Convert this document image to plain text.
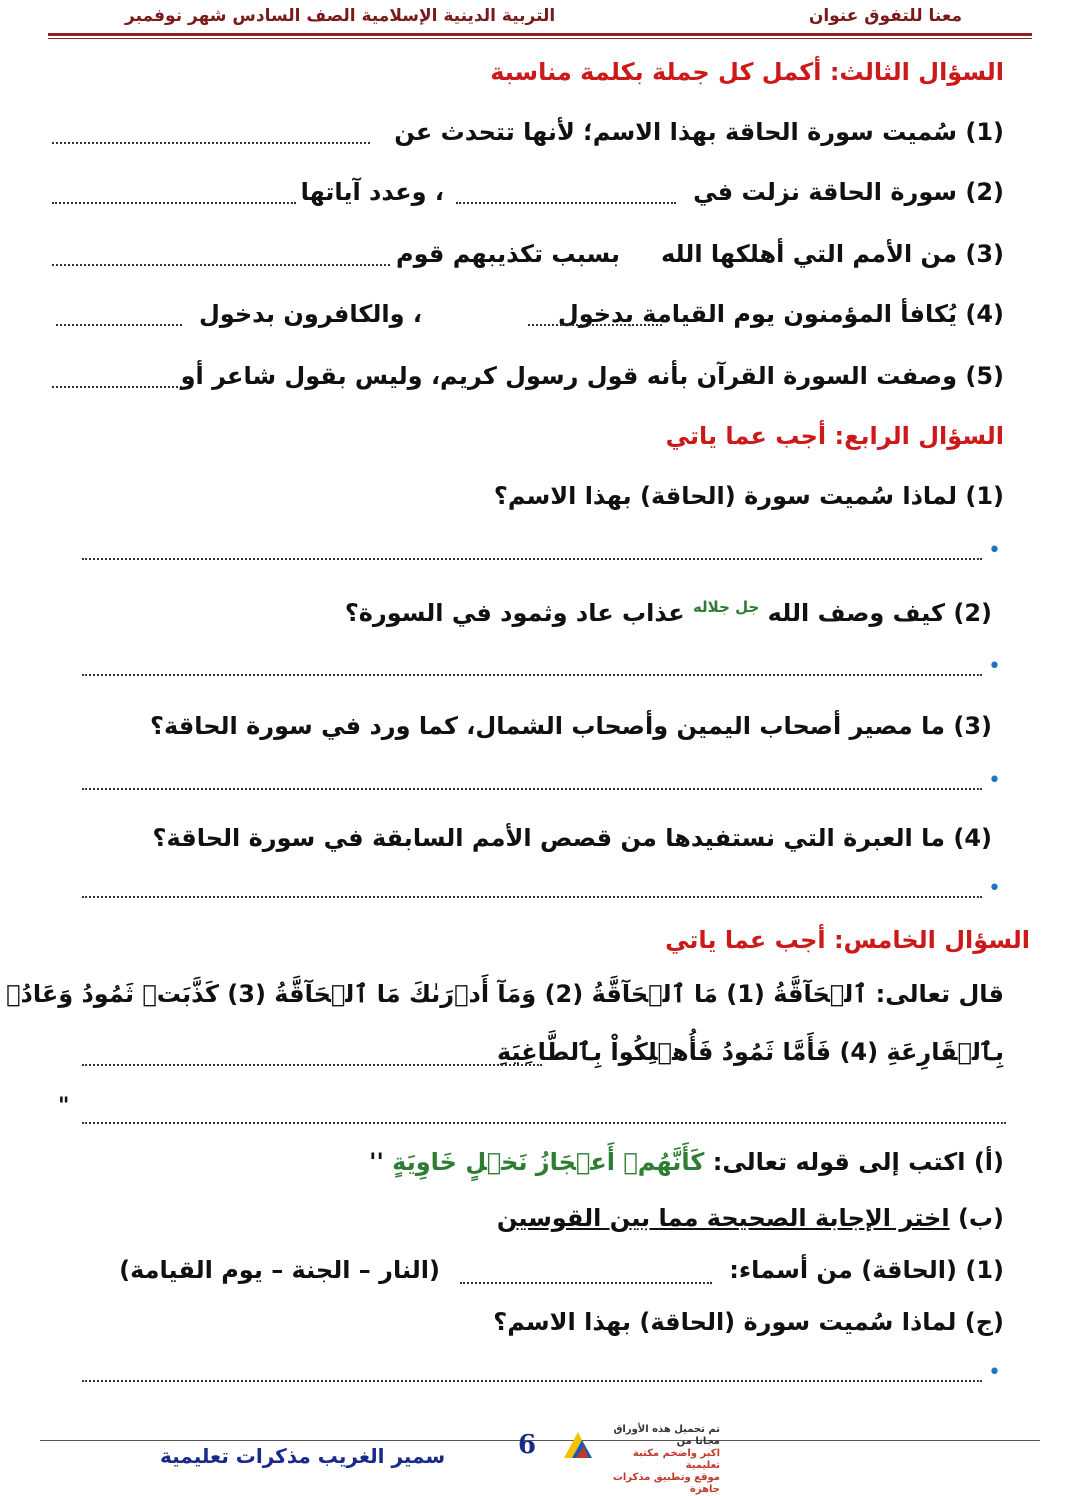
التربية الدينية الإسلامية الصف السادس شهر نوفمبر	معنا للتفوق عنوان
السؤال الثالث: أكمل كل جملة بكلمة مناسبة
(1) سُميت سورة الحاقة بهذا الاسم؛ لأنها تتحدث عن
(2) سورة الحاقة نزلت في
، وعدد آياتها
(3) من الأمم التي أهلكها الله
بسبب تكذيبهم قوم
(4) يُكافأ المؤمنون يوم القيامة بدخول
، والكافرون بدخول
(5) وصفت السورة القرآن بأنه قول رسول كريم، وليس بقول شاعر أو
السؤال الرابع: أجب عما ياتي
(1) لماذا سُميت سورة (الحاقة) بهذا الاسم؟
•
(2) كيف وصف الله $^{جل جلاله}$ عذاب عاد وثمود في السورة؟
•
(3) ما مصير أصحاب اليمين وأصحاب الشمال، كما ورد في سورة الحاقة؟
•
(4) ما العبرة التي نستفيدها من قصص الأمم السابقة في سورة الحاقة؟
•
السؤال الخامس: أجب عما ياتي
قال تعالى: ٱلۡحَآقَّةُ (1) مَا ٱلۡحَآقَّةُ (2) وَمَآ أَدۡرَىٰكَ مَا ٱلۡحَآقَّةُ (3) كَذَّبَتۡ ثَمُودُ وَعَادُۢ
بِٱلۡقَارِعَةِ (4) فَأَمَّا ثَمُودُ فَأُهۡلِكُواْ بِٱلطَّاغِيَةِ
"
(أ) اكتب إلى قوله تعالى: كَأَنَّهُمۡ أَعۡجَازُ نَخۡلٍ خَاوِيَةٍ ''
(ب) اختر الإجابة الصحيحة مما بين القوسين
(1) (الحاقة) من أسماء:
(النار – الجنة – يوم القيامة)
(ج) لماذا سُميت سورة (الحاقة) بهذا الاسم؟
•
سمير الغريب مذكرات تعليمية	6
تم تحميل هذه الأوراق مجانا من
اكبر واضخم مكتبة تعليمية
موقع وتطبيق مذكرات جاهزة
